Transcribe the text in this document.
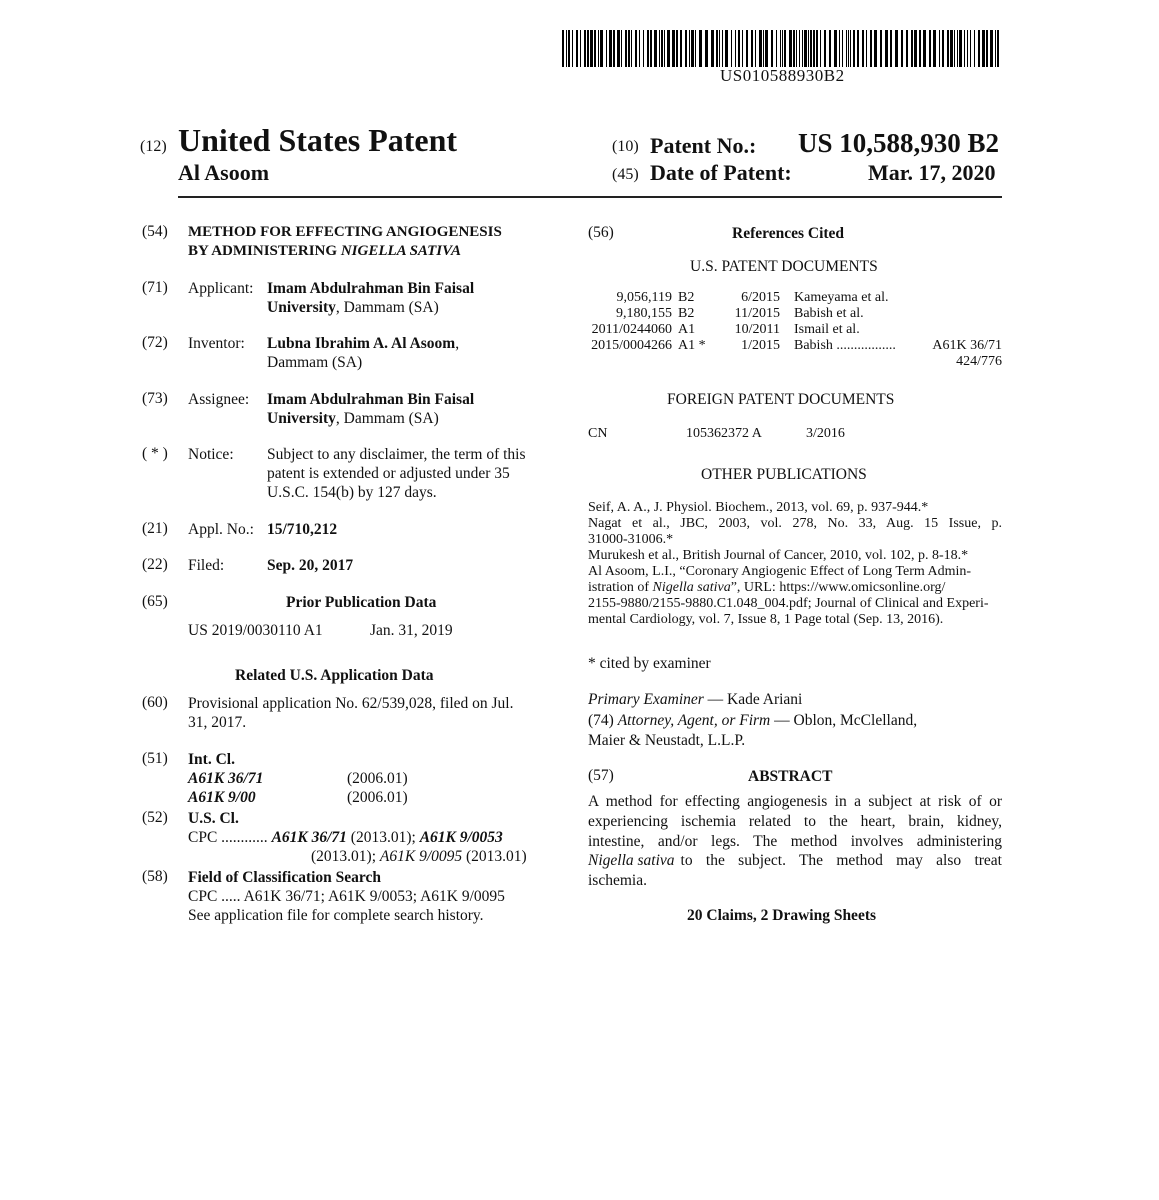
US010588930B2
(12) United States Patent
Al Asoom
(10) Patent No.: US 10,588,930 B2
(45) Date of Patent:	Mar. 17, 2020
(54) METHOD FOR EFFECTING ANGIOGENESIS
BY ADMINISTERING NIGELLA SATIVA
(71) Applicant: Imam Abdulrahman Bin Faisal
University, Dammam (SA)
(72) Inventor: Lubna Ibrahim A. Al Asoom,
Dammam (SA)
(73) Assignee: Imam Abdulrahman Bin Faisal
University, Dammam (SA)
( * ) Notice: Subject to any disclaimer, the term of this
patent is extended or adjusted under 35
U.S.C. 154(b) by 127 days.
(21) Appl. No.: 15/710,212
(22) Filed:	Sep. 20, 2017
(65)	Prior Publication Data
US 2019/0030110 A1	Jan. 31, 2019
Related U.S. Application Data
(60) Provisional application No. 62/539,028, filed on Jul.
31, 2017.
(51) Int. Cl.
A61K 36/71	(2006.01)
A61K 9/00	(2006.01)
(52) U.S. Cl.
CPC ............ A61K 36/71 (2013.01); A61K 9/0053
(2013.01); A61K 9/0095 (2013.01)
(58) Field of Classification Search
CPC ..... A61K 36/71; A61K 9/0053; A61K 9/0095
See application file for complete search history.
(56)	References Cited
U.S. PATENT DOCUMENTS
9,056,119 B2	6/2015 Kameyama et al.
9,180,155 B2	11/2015 Babish et al.
2011/0244060 A1	10/2011 Ismail et al.
2015/0004266 A1 *	1/2015 Babish .................	A61K 36/71
424/776
FOREIGN PATENT DOCUMENTS
CN	105362372 A	3/2016
OTHER PUBLICATIONS
Seif, A. A., J. Physiol. Biochem., 2013, vol. 69, p. 937-944.*
Nagat et al., JBC, 2003, vol. 278, No. 33, Aug. 15 Issue, p.
31000-31006.*
Murukesh et al., British Journal of Cancer, 2010, vol. 102, p. 8-18.*
Al Asoom, L.I., “Coronary Angiogenic Effect of Long Term Admin-
istration of Nigella sativa”, URL: https://www.omicsonline.org/
2155-9880/2155-9880.C1.048_004.pdf; Journal of Clinical and Experi-
mental Cardiology, vol. 7, Issue 8, 1 Page total (Sep. 13, 2016).
* cited by examiner
Primary Examiner — Kade Ariani
(74) Attorney, Agent, or Firm — Oblon, McClelland,
Maier & Neustadt, L.L.P.
(57)	ABSTRACT
A method for effecting angiogenesis in a subject at risk of or
experiencing ischemia related to the heart, brain, kidney,
intestine, and/or legs. The method involves administering
Nigella sativa to the subject. The method may also treat
ischemia.
20 Claims, 2 Drawing Sheets
